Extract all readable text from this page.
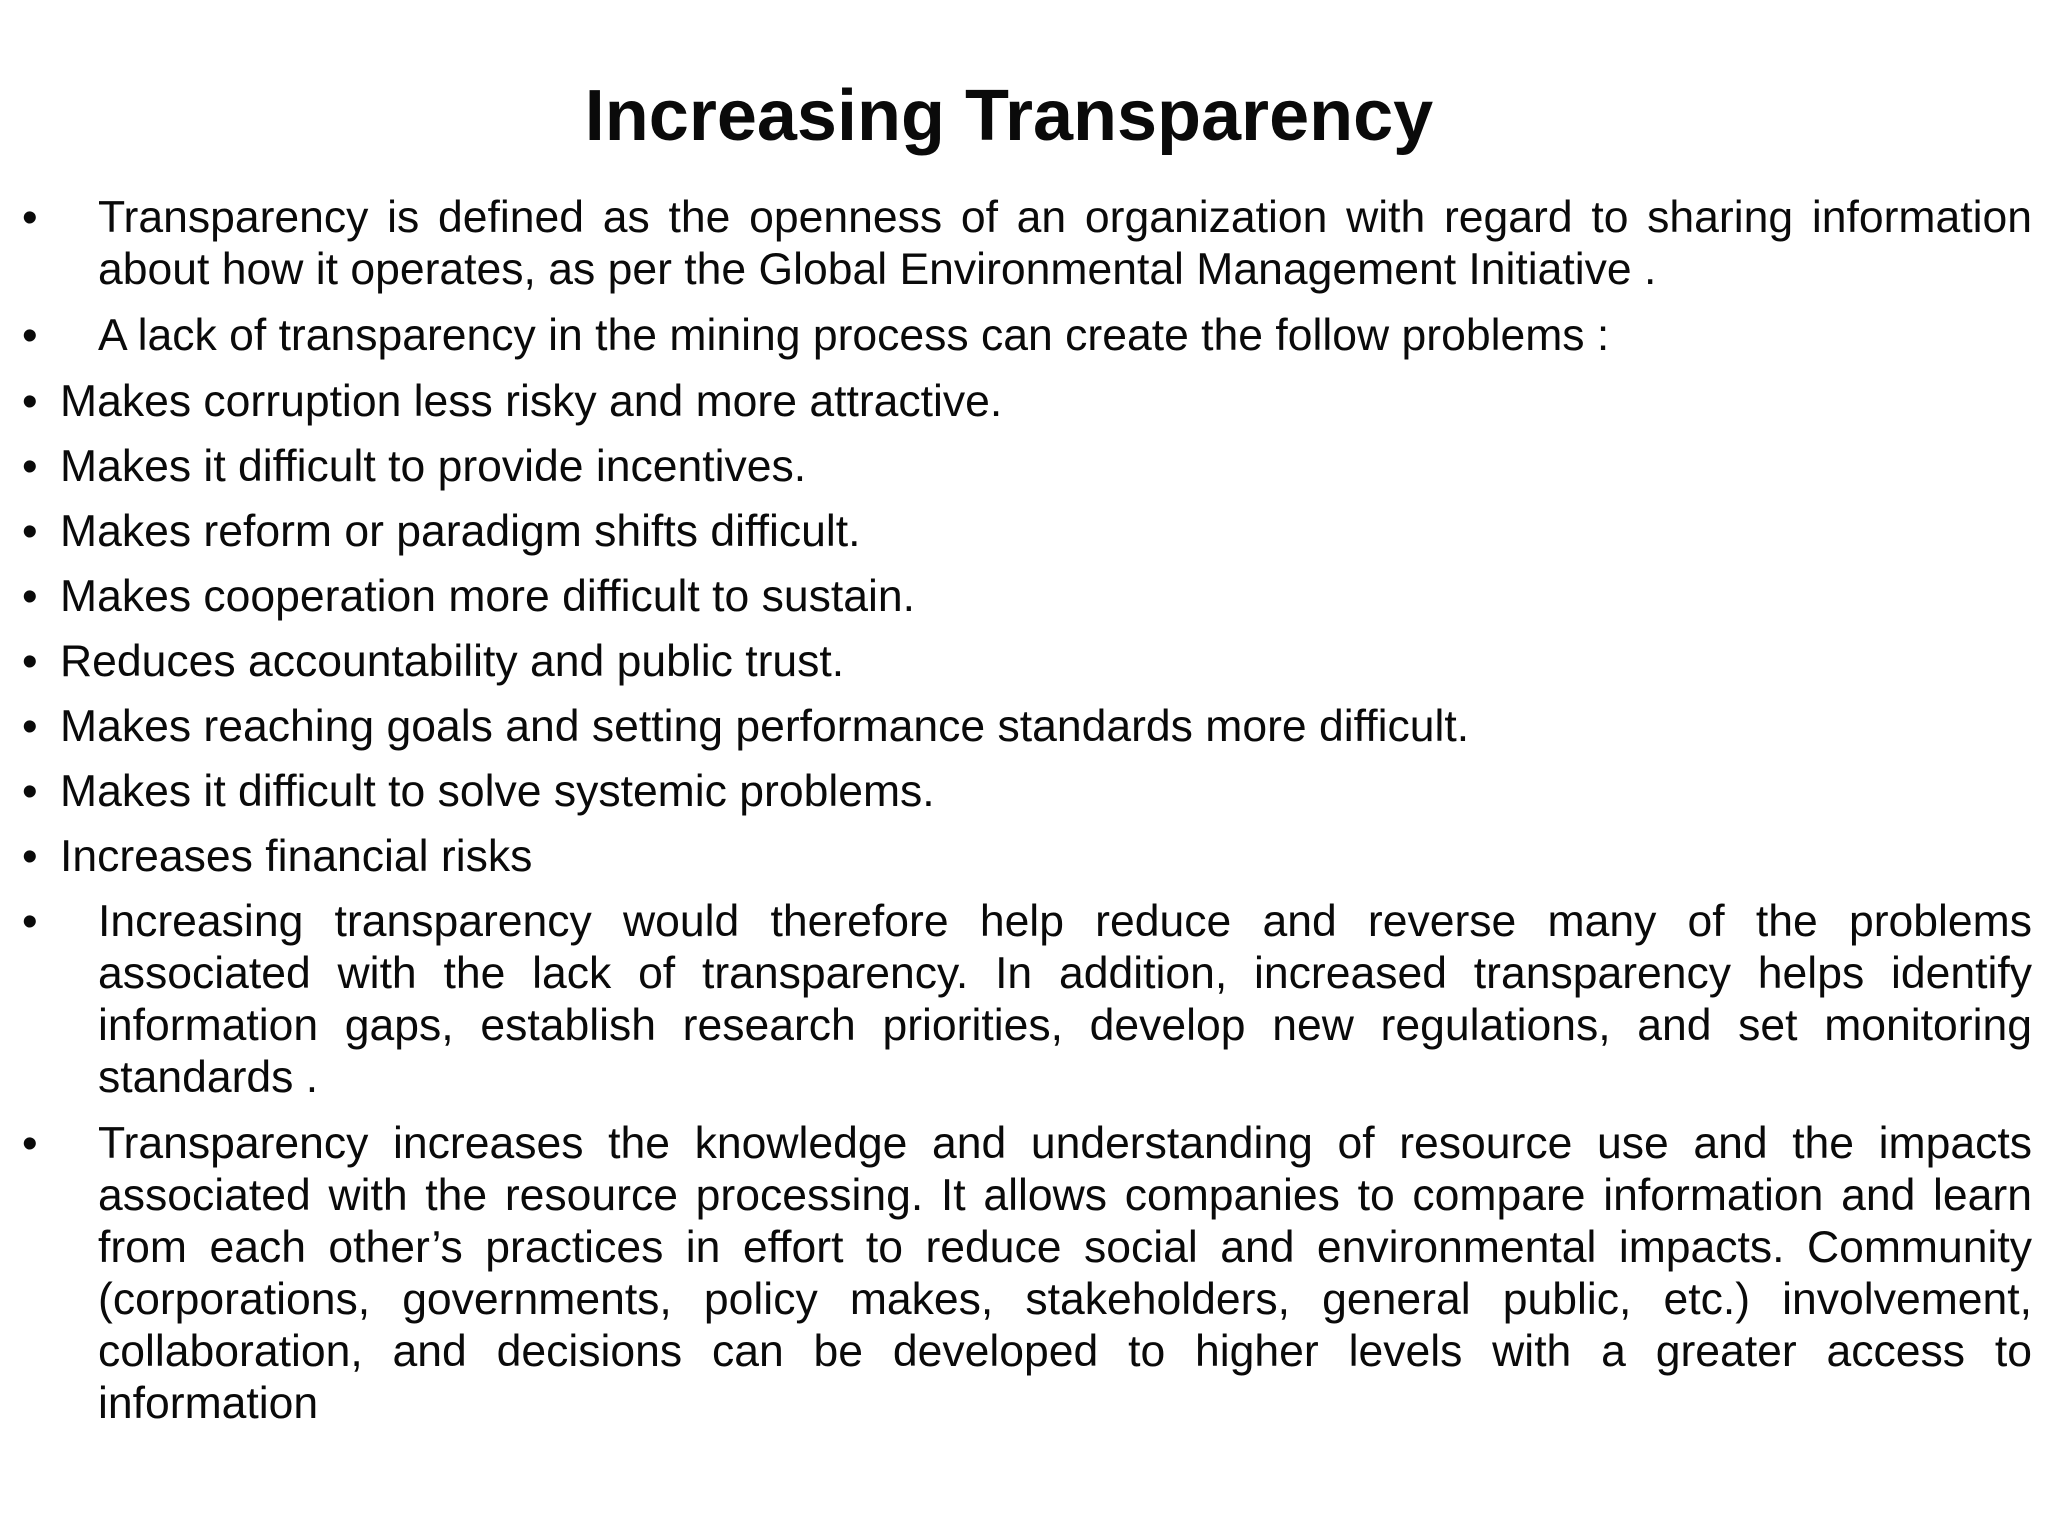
Increasing Transparency
•	Transparency is defined as the openness of an organization with regard to sharing information about how it operates, as per the Global Environmental Management Initiative .
•	A lack of transparency in the mining process can create the follow problems :
• Makes corruption less risky and more attractive.
• Makes it difficult to provide incentives.
• Makes reform or paradigm shifts difficult.
• Makes cooperation more difficult to sustain.
• Reduces accountability and public trust.
• Makes reaching goals and setting performance standards more difficult.
• Makes it difficult to solve systemic problems.
• Increases financial risks
•	Increasing transparency would therefore help reduce and reverse many of the problems associated with the lack of transparency. In addition, increased transparency helps identify information gaps, establish research priorities, develop new regulations, and set monitoring standards .
•	Transparency increases the knowledge and understanding of resource use and the impacts associated with the resource processing. It allows companies to compare information and learn from each other’s practices in effort to reduce social and environmental impacts. Community (corporations, governments, policy makes, stakeholders, general public, etc.) involvement, collaboration, and decisions can be developed to higher levels with a greater access to information
